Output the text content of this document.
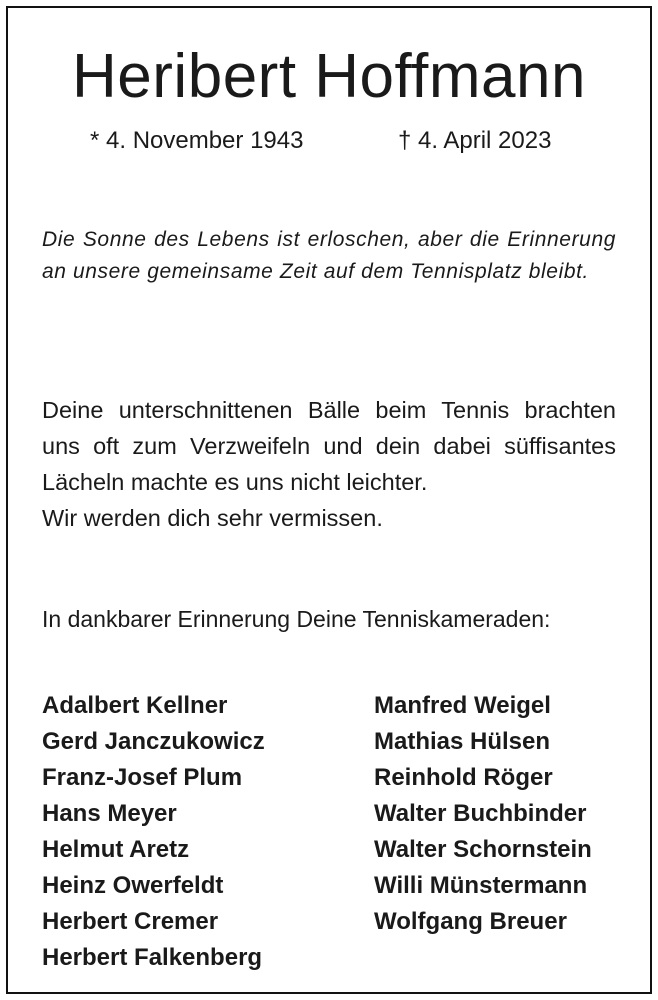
Heribert Hoffmann
* 4. November 1943	† 4. April 2023
Die Sonne des Lebens ist erloschen, aber die Erinnerung an unsere gemeinsame Zeit auf dem Tennisplatz bleibt.
Deine unterschnittenen Bälle beim Tennis brachten uns oft zum Verzweifeln und dein dabei süffisantes Lächeln machte es uns nicht leichter.
Wir werden dich sehr vermissen.
In dankbarer Erinnerung Deine Tenniskameraden:
Adalbert Kellner
Gerd Janczukowicz
Franz-Josef Plum
Hans Meyer
Helmut Aretz
Heinz Owerfeldt
Herbert Cremer
Herbert Falkenberg
Manfred Weigel
Mathias Hülsen
Reinhold Röger
Walter Buchbinder
Walter Schornstein
Willi Münstermann
Wolfgang Breuer
